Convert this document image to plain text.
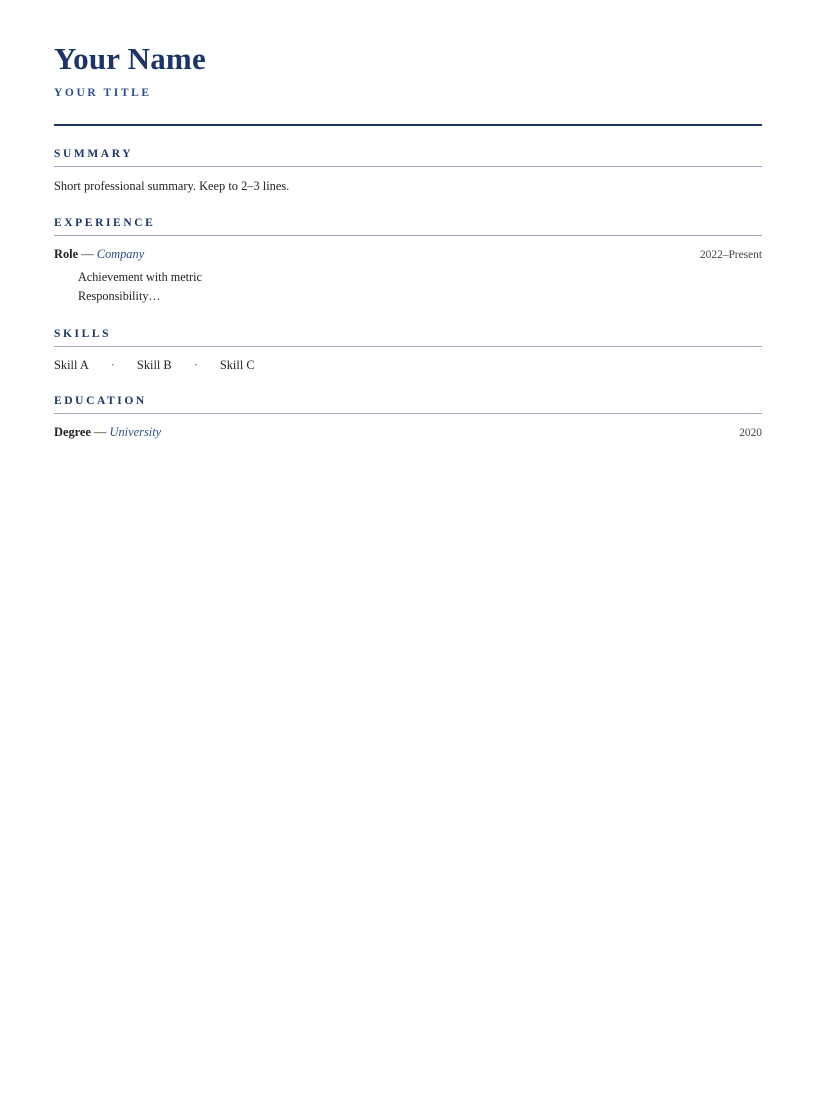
Your Name
YOUR TITLE
SUMMARY
Short professional summary. Keep to 2–3 lines.
EXPERIENCE
Role — Company	2022–Present
Achievement with metric
Responsibility…
SKILLS
Skill A	·	Skill B	·	Skill C
EDUCATION
Degree — University	2020
